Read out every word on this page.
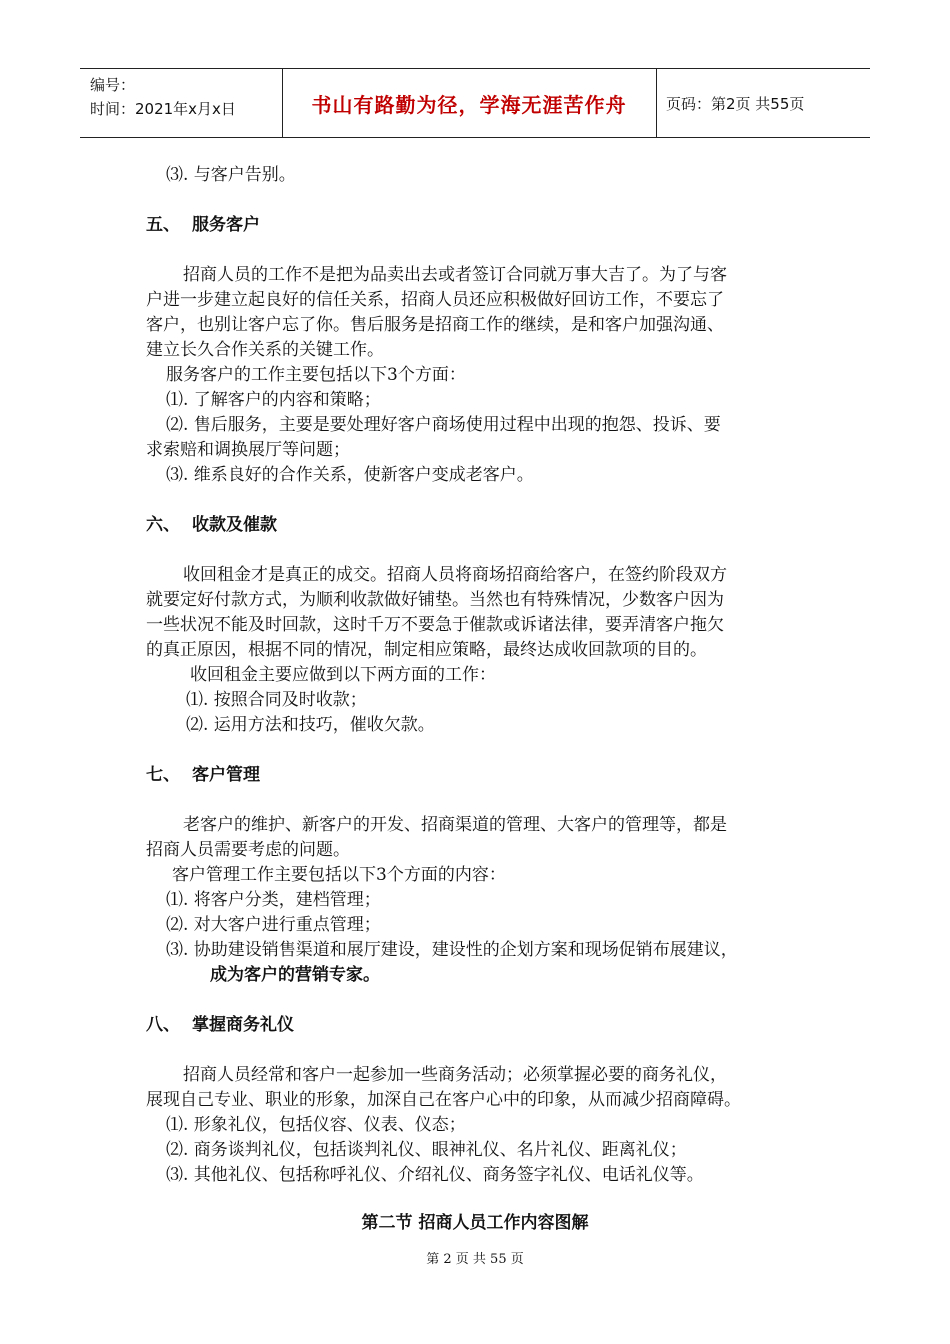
编号：
时间：2021年x月x日	书山有路勤为径，学海无涯苦作舟	页码：第2页 共55页
⑶. 与客户告别。
五、 服务客户
招商人员的工作不是把为品卖出去或者签订合同就万事大吉了。为了与客
户进一步建立起良好的信任关系，招商人员还应积极做好回访工作，不要忘了
客户，也别让客户忘了你。售后服务是招商工作的继续，是和客户加强沟通、
建立长久合作关系的关键工作。
服务客户的工作主要包括以下3个方面：
⑴. 了解客户的内容和策略；
⑵. 售后服务，主要是要处理好客户商场使用过程中出现的抱怨、投诉、要
求索赔和调换展厅等问题；
⑶. 维系良好的合作关系，使新客户变成老客户。
六、 收款及催款
收回租金才是真正的成交。招商人员将商场招商给客户，在签约阶段双方
就要定好付款方式，为顺利收款做好铺垫。当然也有特殊情况，少数客户因为
一些状况不能及时回款，这时千万不要急于催款或诉诸法律，要弄清客户拖欠
的真正原因，根据不同的情况，制定相应策略，最终达成收回款项的目的。
收回租金主要应做到以下两方面的工作：
⑴. 按照合同及时收款；
⑵. 运用方法和技巧，催收欠款。
七、 客户管理
老客户的维护、新客户的开发、招商渠道的管理、大客户的管理等，都是
招商人员需要考虑的问题。
客户管理工作主要包括以下3个方面的内容：
⑴. 将客户分类，建档管理；
⑵. 对大客户进行重点管理；
⑶. 协助建设销售渠道和展厅建设，建设性的企划方案和现场促销布展建议，
成为客户的营销专家。
八、 掌握商务礼仪
招商人员经常和客户一起参加一些商务活动；必须掌握必要的商务礼仪，
展现自己专业、职业的形象，加深自己在客户心中的印象，从而减少招商障碍。
⑴. 形象礼仪，包括仪容、仪表、仪态；
⑵. 商务谈判礼仪，包括谈判礼仪、眼神礼仪、名片礼仪、距离礼仪；
⑶. 其他礼仪、包括称呼礼仪、介绍礼仪、商务签字礼仪、电话礼仪等。
第二节 招商人员工作内容图解
第 2 页 共 55 页
